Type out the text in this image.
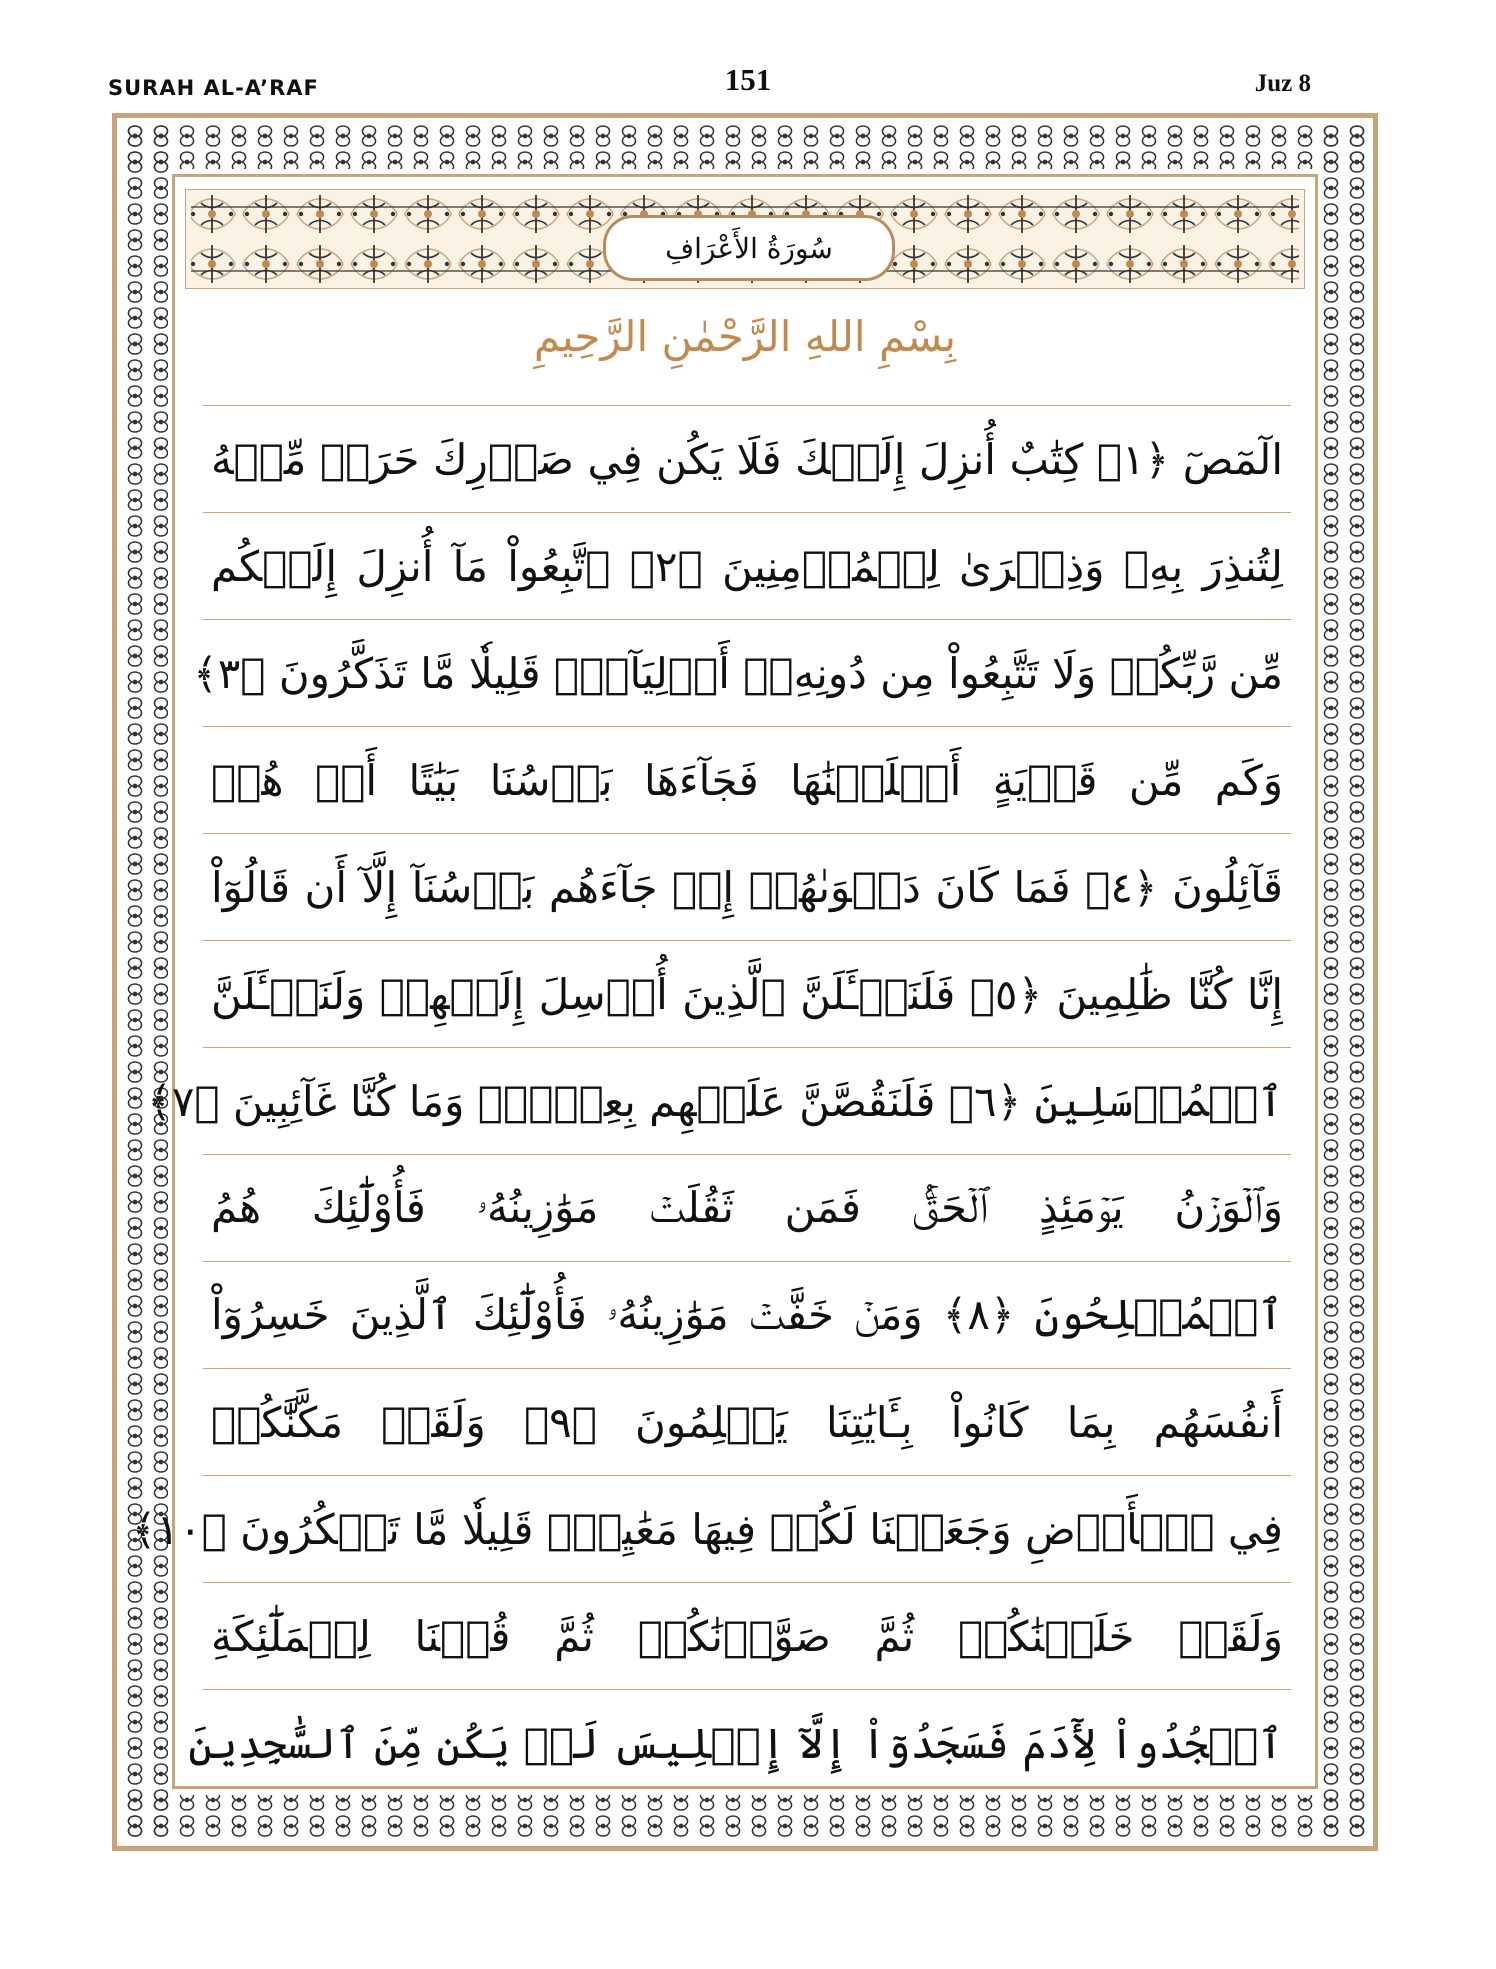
SURAH AL-A’RAF	151	Juz 8
سُورَةُ الأَعْرَافِ
بِسْمِ اللهِ الرَّحْمٰنِ الرَّحِيمِ
الٓمٓصٓ ﴿١﴾ كِتَٰبٌ أُنزِلَ إِلَيۡكَ فَلَا يَكُن فِي صَدۡرِكَ حَرَجٞ مِّنۡهُ
لِتُنذِرَ بِهِۦ وَذِكۡرَىٰ لِلۡمُؤۡمِنِينَ ﴿٢﴾ ٱتَّبِعُواْ مَآ أُنزِلَ إِلَيۡكُم
مِّن رَّبِّكُمۡ وَلَا تَتَّبِعُواْ مِن دُونِهِۦٓ أَوۡلِيَآءَۗ قَلِيلٗا مَّا تَذَكَّرُونَ ﴿٣﴾
وَكَم مِّن قَرۡيَةٍ أَهۡلَكۡنَٰهَا فَجَآءَهَا بَأۡسُنَا بَيَٰتًا أَوۡ هُمۡ
قَآئِلُونَ ﴿٤﴾ فَمَا كَانَ دَعۡوَىٰهُمۡ إِذۡ جَآءَهُم بَأۡسُنَآ إِلَّآ أَن قَالُوٓاْ
إِنَّا كُنَّا ظَٰلِمِينَ ﴿٥﴾ فَلَنَسۡـَٔلَنَّ ٱلَّذِينَ أُرۡسِلَ إِلَيۡهِمۡ وَلَنَسۡـَٔلَنَّ
ٱلۡمُرۡسَلِينَ ﴿٦﴾ فَلَنَقُصَّنَّ عَلَيۡهِم بِعِلۡمٖۖ وَمَا كُنَّا غَآئِبِينَ ﴿٧﴾
وَٱلۡوَزۡنُ يَوۡمَئِذٍ ٱلۡحَقُّۚ فَمَن ثَقُلَتۡ مَوَٰزِينُهُۥ فَأُوْلَٰٓئِكَ هُمُ
ٱلۡمُفۡلِحُونَ ﴿٨﴾ وَمَنۡ خَفَّتۡ مَوَٰزِينُهُۥ فَأُوْلَٰٓئِكَ ٱلَّذِينَ خَسِرُوٓاْ
أَنفُسَهُم بِمَا كَانُواْ بِـَٔايَٰتِنَا يَظۡلِمُونَ ﴿٩﴾ وَلَقَدۡ مَكَّنَّٰكُمۡ
فِي ٱلۡأَرۡضِ وَجَعَلۡنَا لَكُمۡ فِيهَا مَعَٰيِشَۗ قَلِيلٗا مَّا تَشۡكُرُونَ ﴿١٠﴾
وَلَقَدۡ خَلَقۡنَٰكُمۡ ثُمَّ صَوَّرۡنَٰكُمۡ ثُمَّ قُلۡنَا لِلۡمَلَٰٓئِكَةِ
ٱسۡجُدُواْ لِأٓدَمَ فَسَجَدُوٓاْ إِلَّآ إِبۡلِيسَ لَمۡ يَكُن مِّنَ ٱلسَّٰجِدِينَ
